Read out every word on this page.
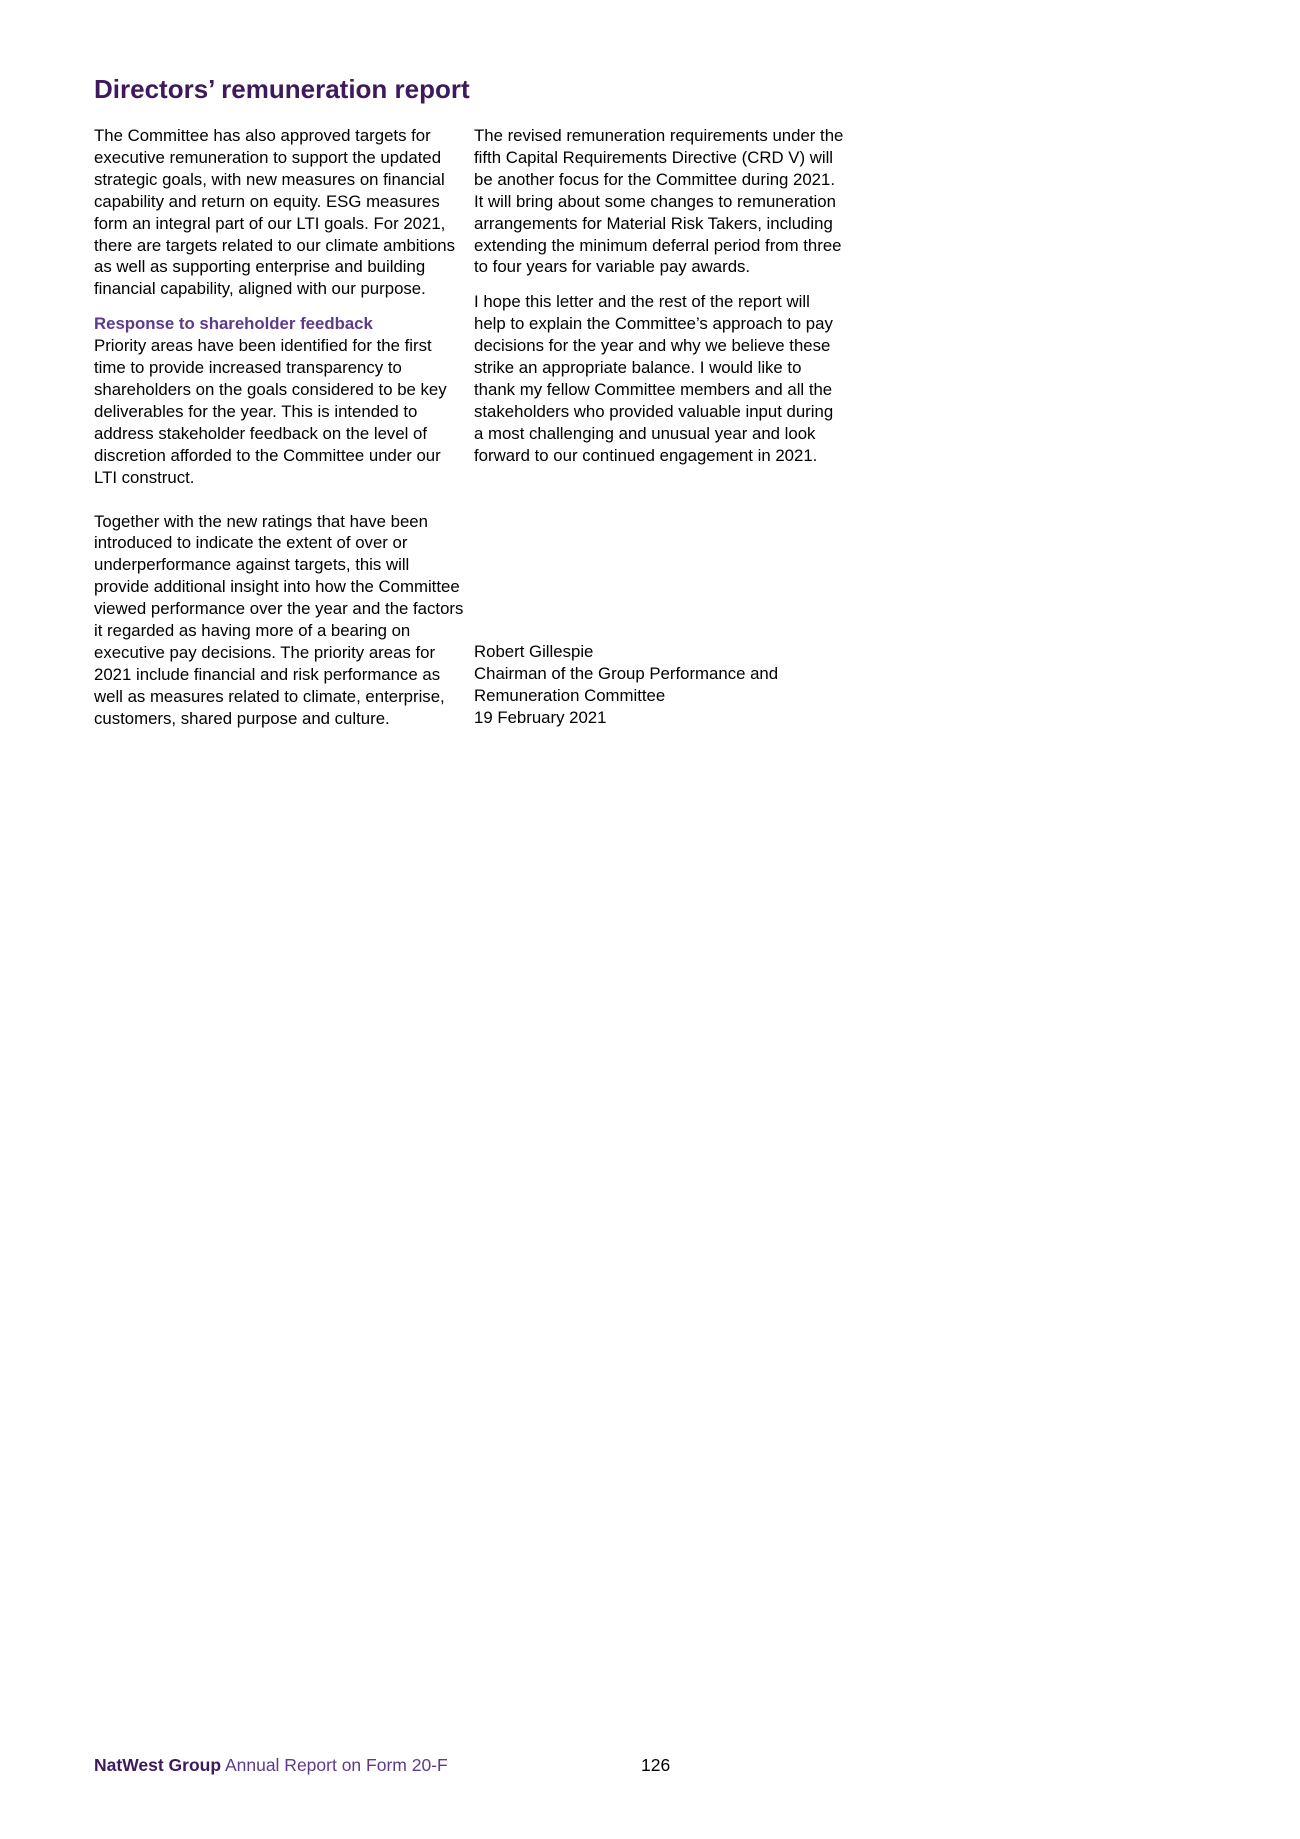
Directors’ remuneration report

The Committee has also approved targets for executive remuneration to support the updated strategic goals, with new measures on financial capability and return on equity. ESG measures form an integral part of our LTI goals. For 2021, there are targets related to our climate ambitions as well as supporting enterprise and building financial capability, aligned with our purpose.

Response to shareholder feedback

Priority areas have been identified for the first time to provide increased transparency to shareholders on the goals considered to be key deliverables for the year. This is intended to address stakeholder feedback on the level of discretion afforded to the Committee under our LTI construct.

Together with the new ratings that have been introduced to indicate the extent of over or underperformance against targets, this will provide additional insight into how the Committee viewed performance over the year and the factors it regarded as having more of a bearing on executive pay decisions. The priority areas for 2021 include financial and risk performance as well as measures related to climate, enterprise, customers, shared purpose and culture.

The revised remuneration requirements under the fifth Capital Requirements Directive (CRD V) will be another focus for the Committee during 2021. It will bring about some changes to remuneration arrangements for Material Risk Takers, including extending the minimum deferral period from three to four years for variable pay awards.

I hope this letter and the rest of the report will help to explain the Committee’s approach to pay decisions for the year and why we believe these strike an appropriate balance. I would like to thank my fellow Committee members and all the stakeholders who provided valuable input during a most challenging and unusual year and look forward to our continued engagement in 2021.

Robert Gillespie
Chairman of the Group Performance and
Remuneration Committee
19 February 2021
NatWest Group Annual Report on Form 20-F	126
